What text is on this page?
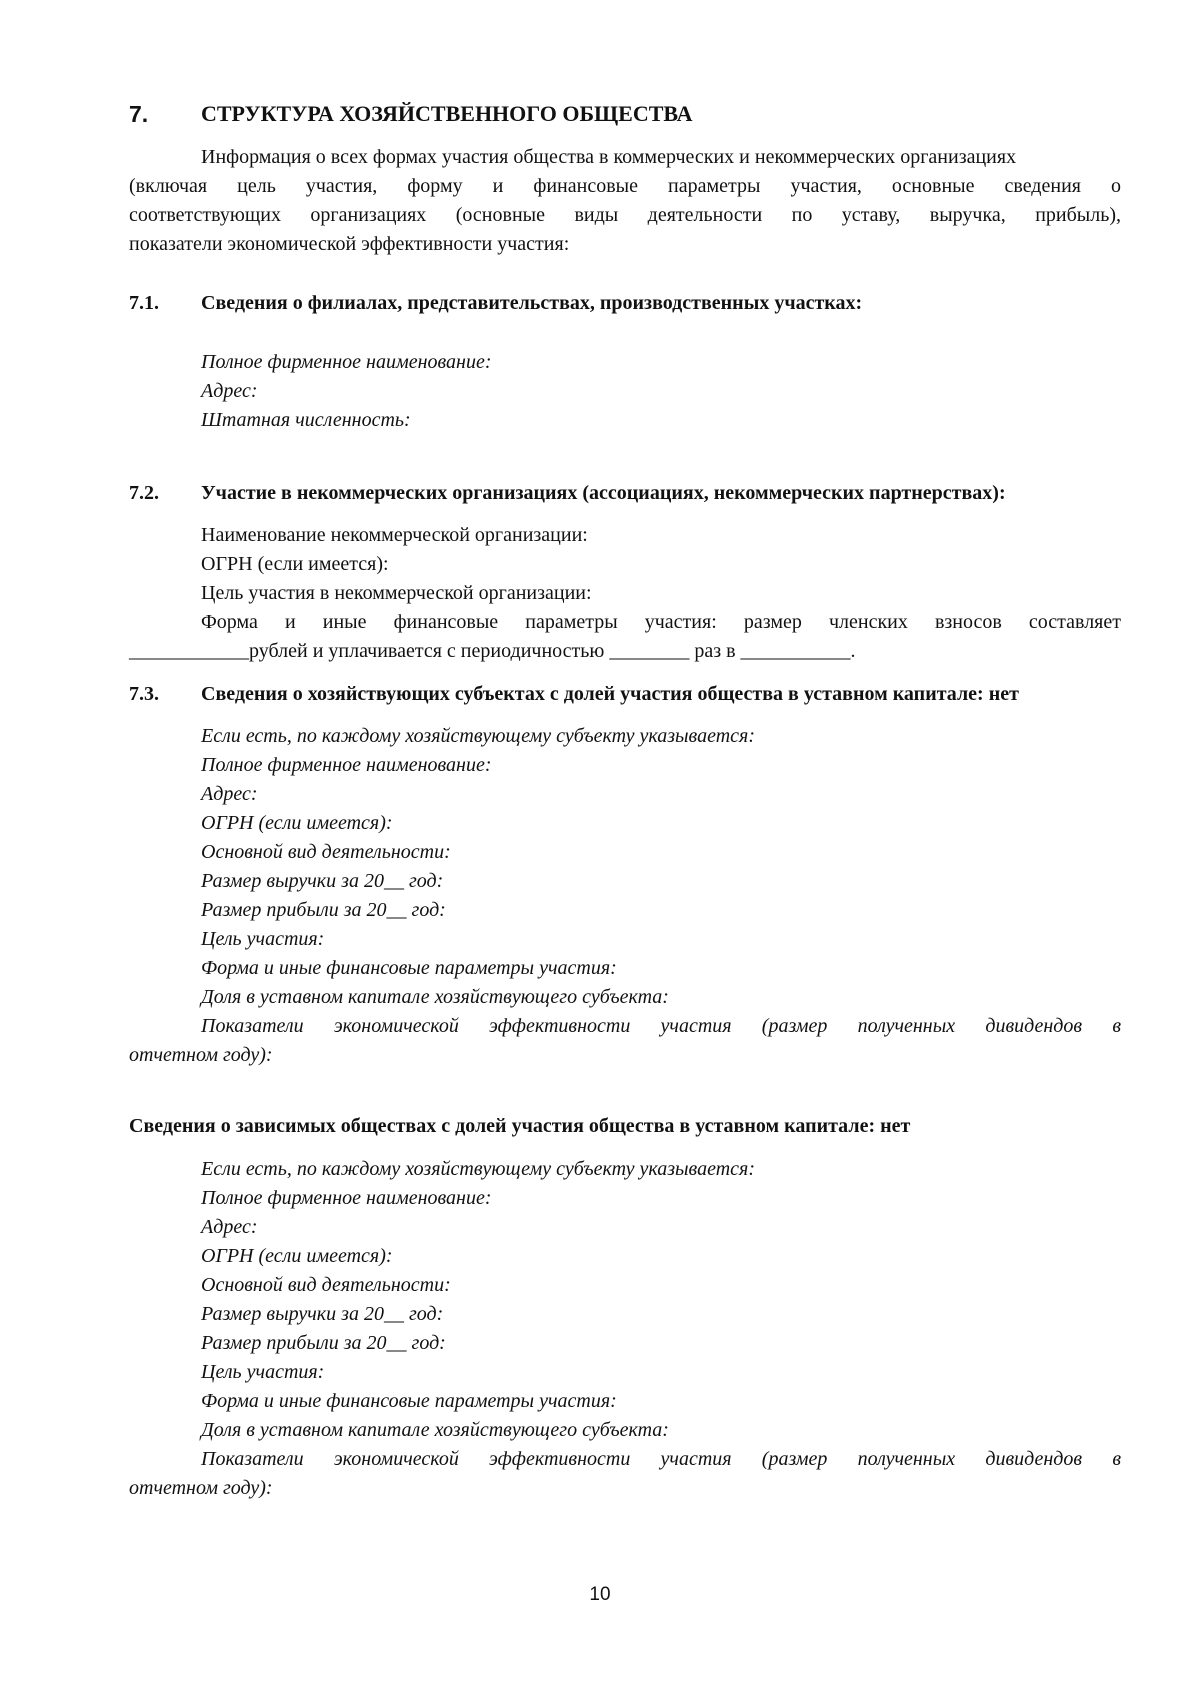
7. СТРУКТУРА ХОЗЯЙСТВЕННОГО ОБЩЕСТВА
Информация о всех формах участия общества в коммерческих и некоммерческих организациях
(включая цель участия, форму и финансовые параметры участия, основные сведения о
соответствующих организациях (основные виды деятельности по уставу, выручка, прибыль),
показатели экономической эффективности участия:
7.1. Сведения о филиалах, представительствах, производственных участках:
Полное фирменное наименование:
Адрес:
Штатная численность:
7.2. Участие в некоммерческих организациях (ассоциациях, некоммерческих партнерствах):
Наименование некоммерческой организации:
ОГРН (если имеется):
Цель участия в некоммерческой организации:
Форма и иные финансовые параметры участия: размер членских взносов составляет
____________рублей и уплачивается с периодичностью ________ раз в ___________.
7.3. Сведения о хозяйствующих субъектах с долей участия общества в уставном капитале: нет
Если есть, по каждому хозяйствующему субъекту указывается:
Полное фирменное наименование:
Адрес:
ОГРН (если имеется):
Основной вид деятельности:
Размер выручки за 20__ год:
Размер прибыли за 20__ год:
Цель участия:
Форма и иные финансовые параметры участия:
Доля в уставном капитале хозяйствующего субъекта:
Показатели экономической эффективности участия (размер полученных дивидендов в
отчетном году):
Сведения о зависимых обществах с долей участия общества в уставном капитале: нет
Если есть, по каждому хозяйствующему субъекту указывается:
Полное фирменное наименование:
Адрес:
ОГРН (если имеется):
Основной вид деятельности:
Размер выручки за 20__ год:
Размер прибыли за 20__ год:
Цель участия:
Форма и иные финансовые параметры участия:
Доля в уставном капитале хозяйствующего субъекта:
Показатели экономической эффективности участия (размер полученных дивидендов в
отчетном году):
10
